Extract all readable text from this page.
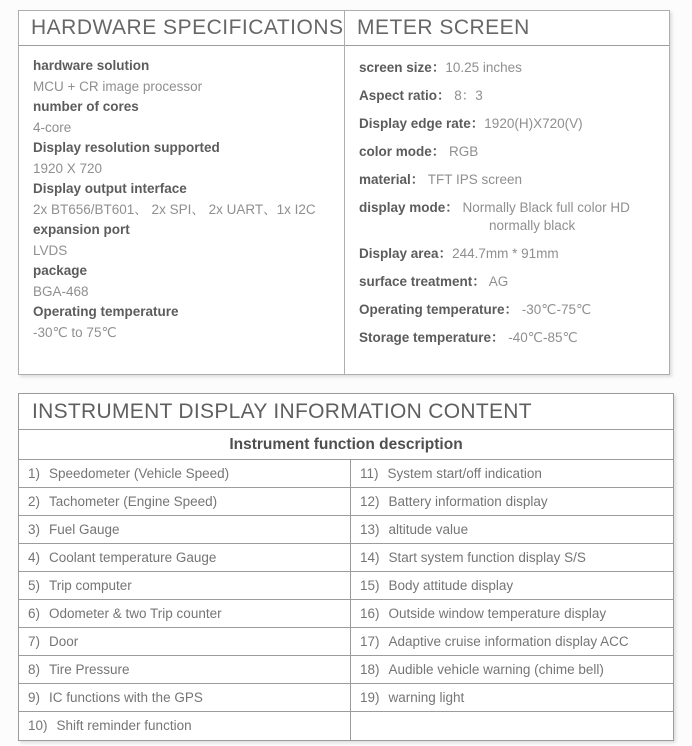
HARDWARE SPECIFICATIONS
hardware solution
MCU + CR image processor
number of cores
4-core
Display resolution supported
1920 X 720
Display output interface
2x BT656/BT601、 2x SPI、 2x UART、1x I2C
expansion port
LVDS
package
BGA-468
Operating temperature
-30℃ to 75℃
METER SCREEN
screen size：10.25 inches
Aspect ratio： 8：3
Display edge rate：1920(H)X720(V)
color mode： RGB
material： TFT IPS screen
display mode： Normally Black full color HD
normally black
Display area：244.7mm * 91mm
surface treatment： AG
Operating temperature： -30℃-75℃
Storage temperature： -40℃-85℃
INSTRUMENT DISPLAY INFORMATION CONTENT
Instrument function description
1) Speedometer (Vehicle Speed)	11) System start/off indication
2) Tachometer (Engine Speed)	12) Battery information display
3) Fuel Gauge	13) altitude value
4) Coolant temperature Gauge	14) Start system function display S/S
5) Trip computer	15) Body attitude display
6) Odometer & two Trip counter	16) Outside window temperature display
7) Door	17) Adaptive cruise information display ACC
8) Tire Pressure	18) Audible vehicle warning (chime bell)
9) IC functions with the GPS	19) warning light
10) Shift reminder function
